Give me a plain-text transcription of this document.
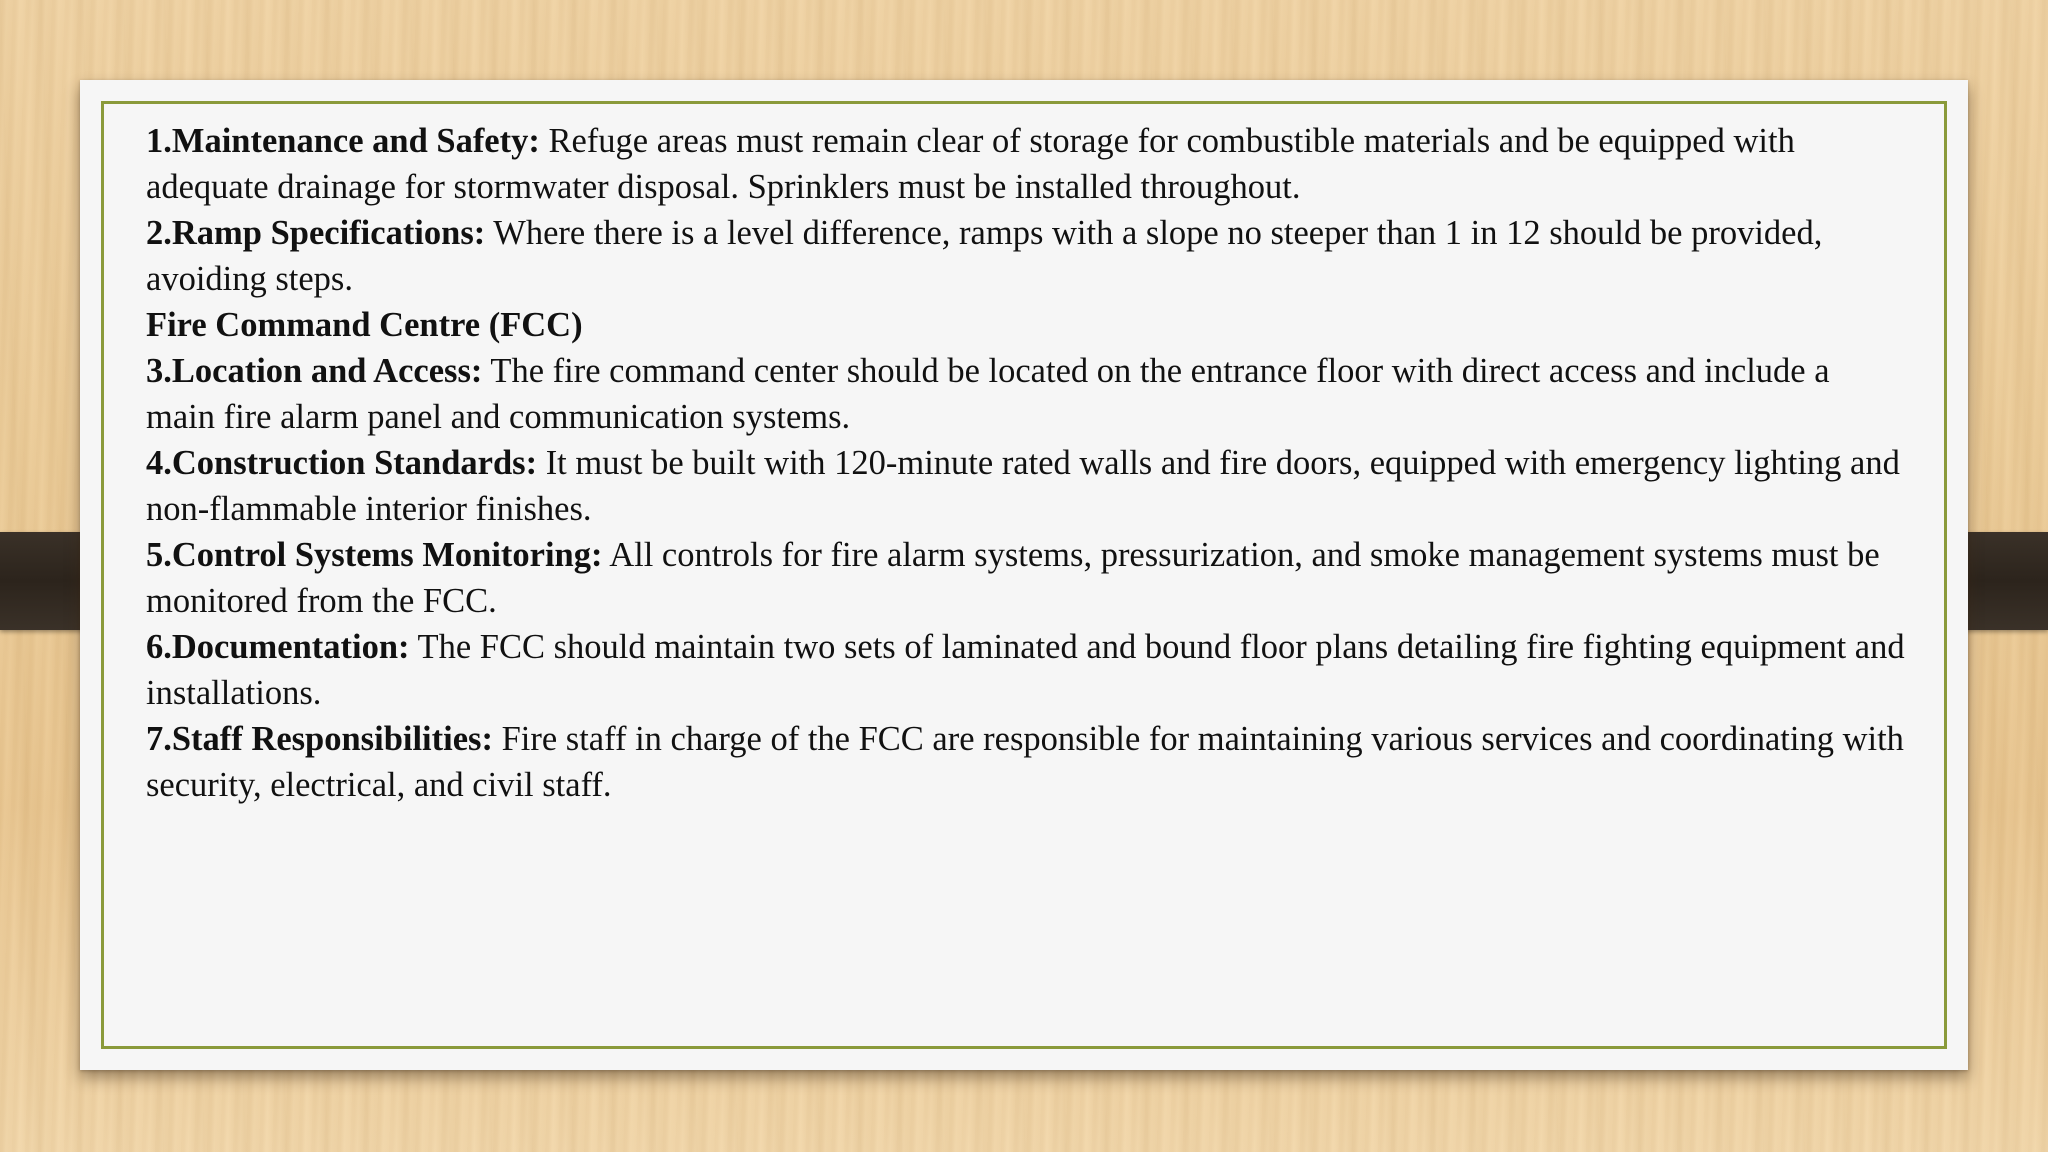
1.Maintenance and Safety: Refuge areas must remain clear of storage for combustible materials and be equipped with adequate drainage for stormwater disposal. Sprinklers must be installed throughout.

2.Ramp Specifications: Where there is a level difference, ramps with a slope no steeper than 1 in 12 should be provided, avoiding steps.

Fire Command Centre (FCC)

3.Location and Access: The fire command center should be located on the entrance floor with direct access and include a main fire alarm panel and communication systems.

4.Construction Standards: It must be built with 120-minute rated walls and fire doors, equipped with emergency lighting and non-flammable interior finishes.

5.Control Systems Monitoring: All controls for fire alarm systems, pressurization, and smoke management systems must be monitored from the FCC.

6.Documentation: The FCC should maintain two sets of laminated and bound floor plans detailing fire fighting equipment and installations.

7.Staff Responsibilities: Fire staff in charge of the FCC are responsible for maintaining various services and coordinating with security, electrical, and civil staff.
